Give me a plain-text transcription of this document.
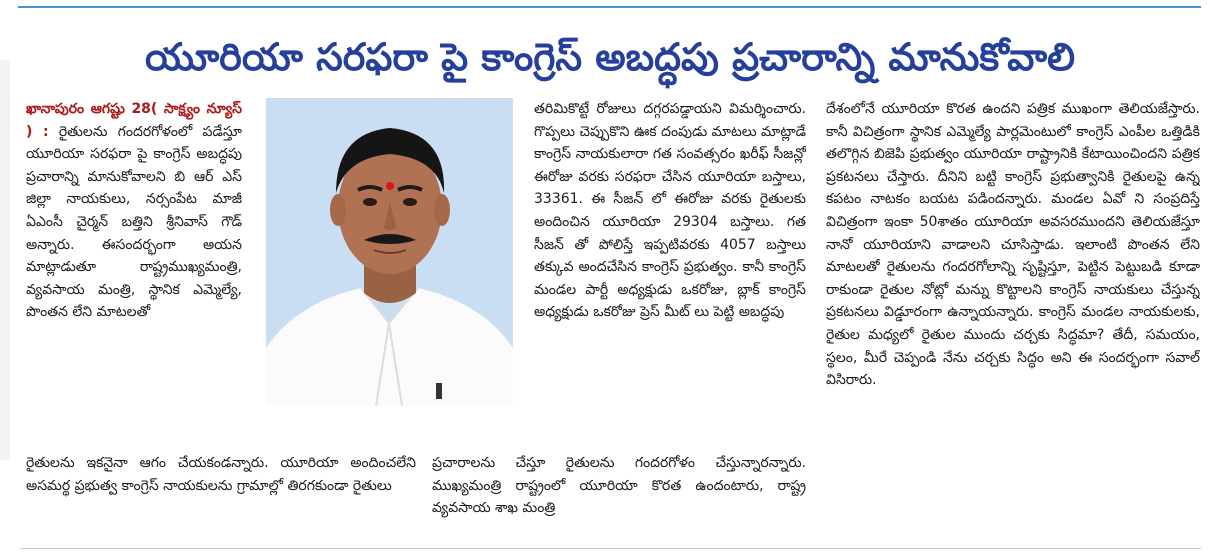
యూరియా సరఫరా పై కాంగ్రెస్ అబద్ధపు ప్రచారాన్ని మానుకోవాలి

ఖానాపురం ఆగష్టు 28( సాక్ష్యం న్యూస్ ) : రైతులను గందరగోళంలో పడేస్తూ యూరియా సరఫరా పై కాంగ్రెస్ అబద్ధపు ప్రచారాన్ని మానుకోవాలని బి ఆర్ ఎస్ జిల్లా నాయకులు, నర్సంపేట మాజీ ఏఎంసీ చైర్మన్ బత్తిని శ్రీనివాస్ గౌడ్ అన్నారు. ఈసందర్భంగా అయన మాట్లాడుతూ రాష్ట్రముఖ్యమంత్రి, వ్యవసాయ మంత్రి, స్థానిక ఎమ్మెల్యే, పొంతన లేని మాటలతో

తరిమికొట్టే రోజులు దగ్గరపడ్డాయని విమర్శించారు. గొప్పలు చెప్పుకొని ఊక దంపుడు మాటలు మాట్లాడే కాంగ్రెస్ నాయకులారా గత సంవత్సరం ఖరీఫ్ సీజన్లో ఈరోజు వరకు సరఫరా చేసిన యూరియా బస్తాలు, 33361. ఈ సీజన్ లో ఈరోజు వరకు రైతులకు అందించిన యూరియా 29304 బస్తాలు. గత సీజన్ తో పోలిస్తే ఇప్పటివరకు 4057 బస్తాలు తక్కువ అందచేసిన కాంగ్రెస్ ప్రభుత్వం. కానీ కాంగ్రెస్ మండల పార్టీ అధ్యక్షుడు ఒకరోజు, బ్లాక్ కాంగ్రెస్ అధ్యక్షుడు ఒకరోజు ప్రెస్ మీట్ లు పెట్టి అబద్ధపు

దేశంలోనే యూరియా కొరత ఉందని పత్రిక ముఖంగా తెలియజేస్తారు. కానీ విచిత్రంగా స్థానిక ఎమ్మెల్యే పార్లమెంటులో కాంగ్రెస్ ఎంపీల ఒత్తిడికి తలొగ్గిన బిజెపి ప్రభుత్వం యూరియా రాష్ట్రానికి కేటాయించిందని పత్రిక ప్రకటనలు చేస్తారు. దీనిని బట్టి కాంగ్రెస్ ప్రభుత్వానికి రైతులపై ఉన్న కపటం నాటకం బయట పడిందన్నారు. మండల ఏవో ని సంప్రదిస్తే విచిత్రంగా ఇంకా 50శాతం యూరియా అవసరముందని తెలియజేస్తూ నానో యూరియాని వాడాలని చూసిస్తాడు. ఇలాంటి పొంతన లేని మాటలతో రైతులను గందరగోలాన్ని సృష్టిస్తూ, పెట్టిన పెట్టుబడి కూడా రాకుండా రైతుల నోట్లో మన్ను కొట్టాలని కాంగ్రెస్ నాయకులు చేస్తున్న ప్రకటనలు విడ్డూరంగా ఉన్నాయన్నారు. కాంగ్రెస్ మండల నాయకులకు, రైతుల మధ్యలో రైతుల ముందు చర్చకు సిద్ధమా? తేదీ, సమయం, స్థలం, మీరే చెప్పండి నేను చర్చకు సిద్ధం అని ఈ సందర్భంగా సవాల్ విసిరారు.

రైతులను ఇకనైనా ఆగం చేయకండన్నారు. యూరియా అందించలేని అసమర్థ ప్రభుత్వ కాంగ్రెస్ నాయకులను గ్రామాల్లో తిరగకుండా రైతులు

ప్రచారాలను చేస్తూ రైతులను గందరగోళం చేస్తున్నారన్నారు. ముఖ్యమంత్రి రాష్ట్రంలో యూరియా కొరత ఉందంటారు, రాష్ట్ర వ్యవసాయ శాఖ మంత్రి
